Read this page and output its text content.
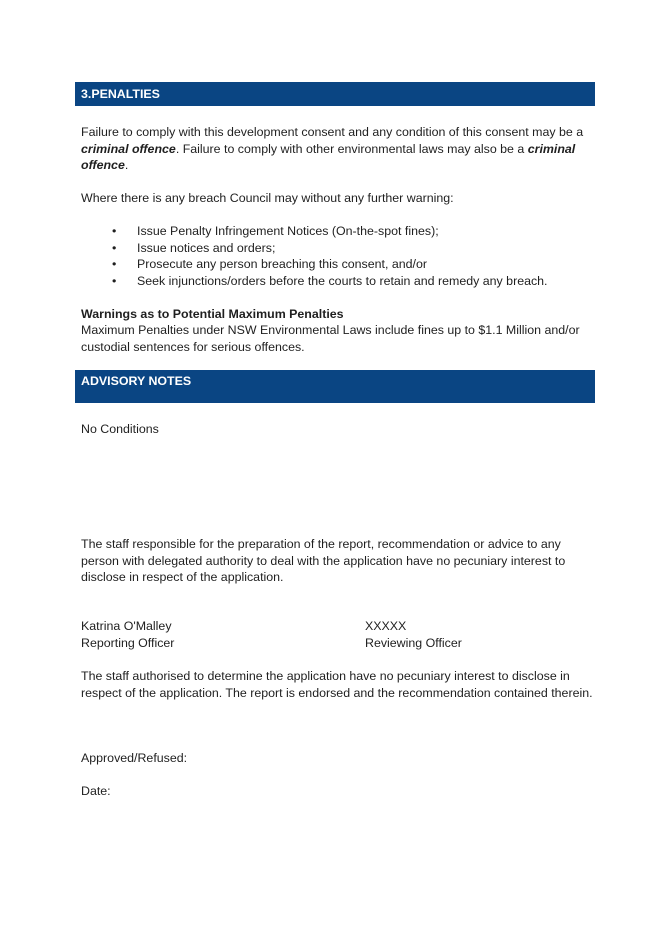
3.PENALTIES

Failure to comply with this development consent and any condition of this consent may be a criminal offence. Failure to comply with other environmental laws may also be a criminal offence.

Where there is any breach Council may without any further warning:

• Issue Penalty Infringement Notices (On-the-spot fines);
• Issue notices and orders;
• Prosecute any person breaching this consent, and/or
• Seek injunctions/orders before the courts to retain and remedy any breach.

Warnings as to Potential Maximum Penalties

Maximum Penalties under NSW Environmental Laws include fines up to $1.1 Million and/or custodial sentences for serious offences.

ADVISORY NOTES

No Conditions

The staff responsible for the preparation of the report, recommendation or advice to any person with delegated authority to deal with the application have no pecuniary interest to disclose in respect of the application.

Katrina O'Malley
Reporting Officer
XXXXX
Reviewing Officer

The staff authorised to determine the application have no pecuniary interest to disclose in respect of the application. The report is endorsed and the recommendation contained therein.

Approved/Refused:

Date:
